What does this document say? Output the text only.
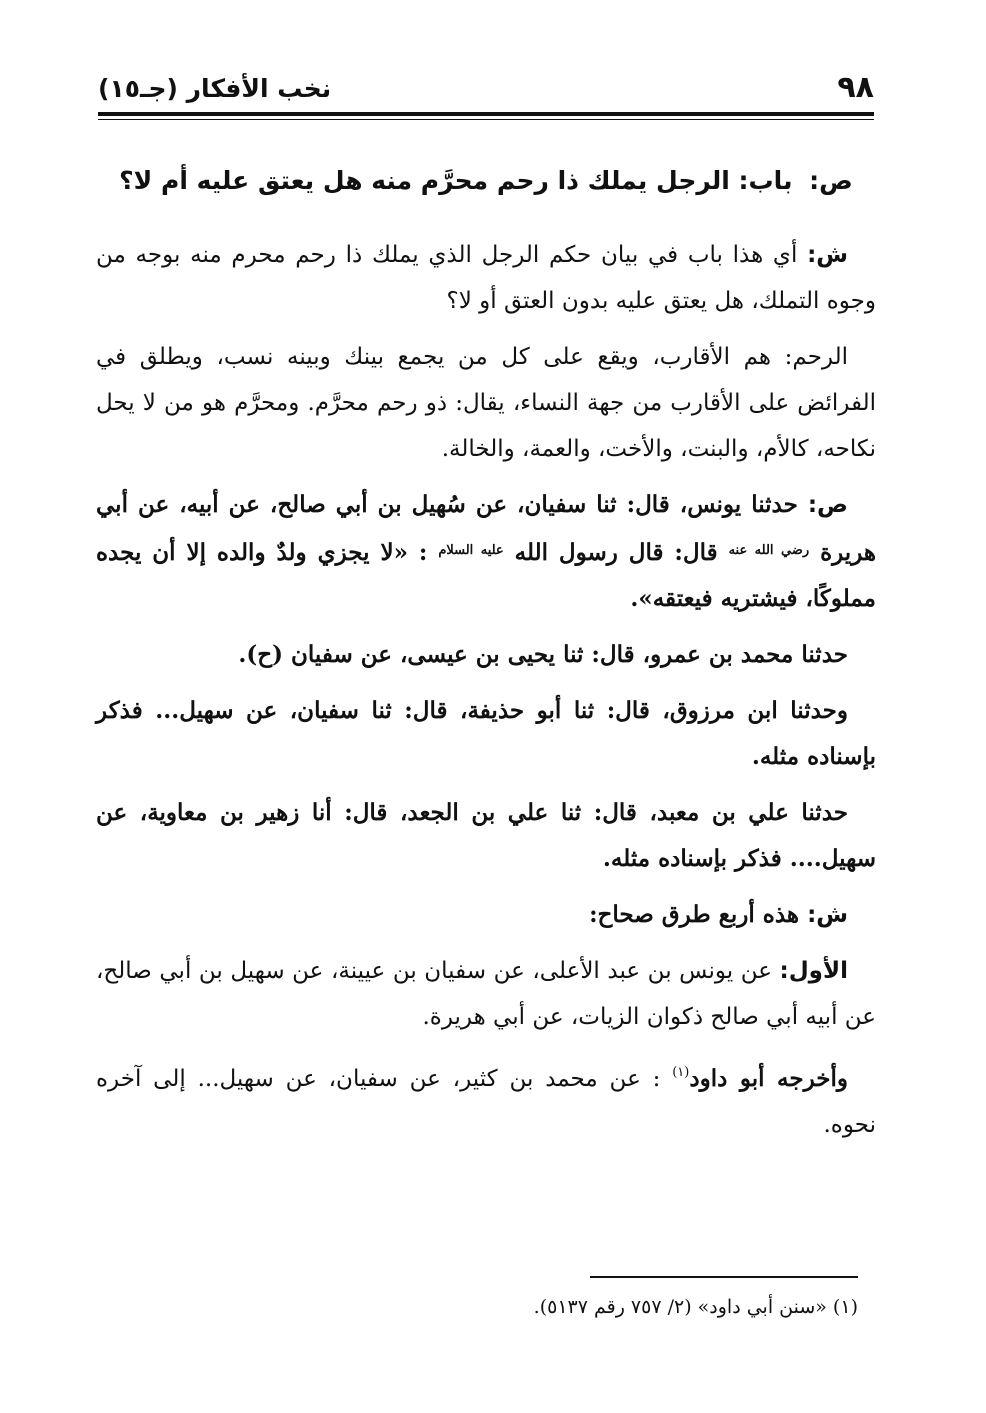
٩٨
نخب الأفكار (جـ١٥)

ص: باب: الرجل يملك ذا رحم محرَّم منه هل يعتق عليه أم لا؟

ش: أي هذا باب في بيان حكم الرجل الذي يملك ذا رحم محرم منه بوجه من وجوه التملك، هل يعتق عليه بدون العتق أو لا؟

الرحم: هم الأقارب، ويقع على كل من يجمع بينك وبينه نسب، ويطلق في الفرائض على الأقارب من جهة النساء، يقال: ذو رحم محرَّم. ومحرَّم هو من لا يحل نكاحه، كالأم، والبنت، والأخت، والعمة، والخالة.

ص: حدثنا يونس، قال: ثنا سفيان، عن سُهيل بن أبي صالح، عن أبيه، عن أبي هريرة $^{رضي الله عنه}$ قال: قال رسول الله $^{عليه السلام}$ : «لا يجزي ولدٌ والده إلا أن يجده مملوكًا، فيشتريه فيعتقه».

حدثنا محمد بن عمرو، قال: ثنا يحيى بن عيسى، عن سفيان (ح).

وحدثنا ابن مرزوق، قال: ثنا أبو حذيفة، قال: ثنا سفيان، عن سهيل... فذكر بإسناده مثله.

حدثنا علي بن معبد، قال: ثنا علي بن الجعد، قال: أنا زهير بن معاوية، عن سهيل.... فذكر بإسناده مثله.

ش: هذه أربع طرق صحاح:

الأول: عن يونس بن عبد الأعلى، عن سفيان بن عيينة، عن سهيل بن أبي صالح، عن أبيه أبي صالح ذكوان الزيات، عن أبي هريرة.

وأخرجه أبو داود$^{(١)}$ : عن محمد بن كثير، عن سفيان، عن سهيل... إلى آخره نحوه.

(١) «سنن أبي داود» (٢/ ٧٥٧ رقم ٥١٣٧).
